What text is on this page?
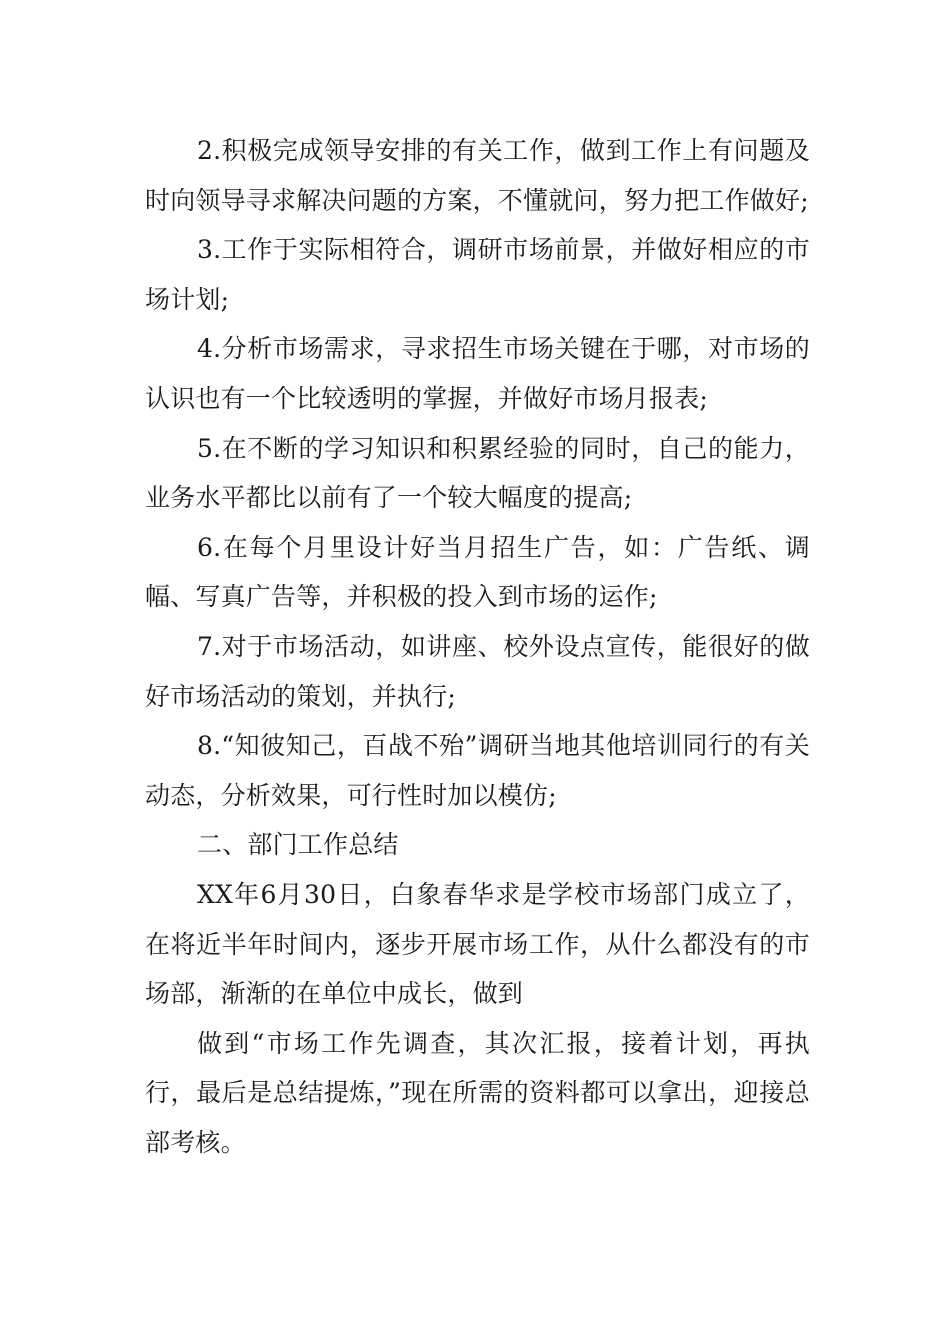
2.积极完成领导安排的有关工作，做到工作上有问题及时向领导寻求解决问题的方案，不懂就问，努力把工作做好;

3.工作于实际相符合，调研市场前景，并做好相应的市场计划;

4.分析市场需求，寻求招生市场关键在于哪，对市场的认识也有一个比较透明的掌握，并做好市场月报表;

5.在不断的学习知识和积累经验的同时，自己的能力，业务水平都比以前有了一个较大幅度的提高;

6.在每个月里设计好当月招生广告，如：广告纸、调幅、写真广告等，并积极的投入到市场的运作;

7.对于市场活动，如讲座、校外设点宣传，能很好的做好市场活动的策划，并执行;

8.“知彼知己，百战不殆”调研当地其他培训同行的有关动态，分析效果，可行性时加以模仿;

二、部门工作总结

XX年6月30日，白象春华求是学校市场部门成立了，在将近半年时间内，逐步开展市场工作，从什么都没有的市场部，渐渐的在单位中成长，做到

做到“市场工作先调查，其次汇报，接着计划，再执行，最后是总结提炼，”现在所需的资料都可以拿出，迎接总部考核。
